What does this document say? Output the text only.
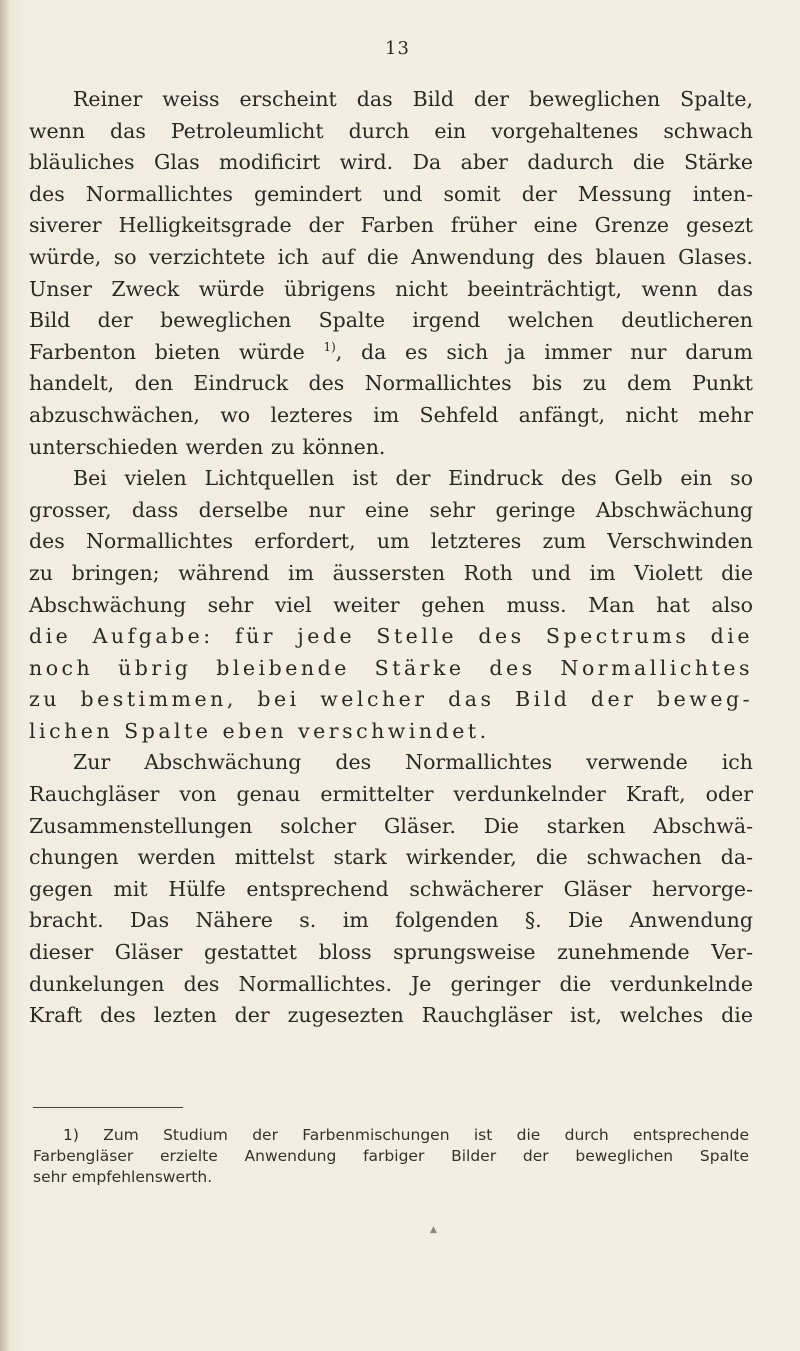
13
Reiner weiss erscheint das Bild der beweglichen Spalte,
wenn das Petroleumlicht durch ein vorgehaltenes schwach
bläuliches Glas modificirt wird. Da aber dadurch die Stärke
des Normallichtes gemindert und somit der Messung inten-
siverer Helligkeitsgrade der Farben früher eine Grenze gesezt
würde, so verzichtete ich auf die Anwendung des blauen Glases.
Unser Zweck würde übrigens nicht beeinträchtigt, wenn das
Bild der beweglichen Spalte irgend welchen deutlicheren
Farbenton bieten würde $^{1)}$, da es sich ja immer nur darum
handelt, den Eindruck des Normallichtes bis zu dem Punkt
abzuschwächen, wo lezteres im Sehfeld anfängt, nicht mehr
unterschieden werden zu können.
Bei vielen Lichtquellen ist der Eindruck des Gelb ein so
grosser, dass derselbe nur eine sehr geringe Abschwächung
des Normallichtes erfordert, um letzteres zum Verschwinden
zu bringen; während im äussersten Roth und im Violett die
Abschwächung sehr viel weiter gehen muss. Man hat also
die Aufgabe: für jede Stelle des Spectrums die
noch übrig bleibende Stärke des Normallichtes
zu bestimmen, bei welcher das Bild der beweg-
lichen Spalte eben verschwindet.
Zur Abschwächung des Normallichtes verwende ich
Rauchgläser von genau ermittelter verdunkelnder Kraft, oder
Zusammenstellungen solcher Gläser. Die starken Abschwä-
chungen werden mittelst stark wirkender, die schwachen da-
gegen mit Hülfe entsprechend schwächerer Gläser hervorge-
bracht. Das Nähere s. im folgenden §. Die Anwendung
dieser Gläser gestattet bloss sprungsweise zunehmende Ver-
dunkelungen des Normallichtes. Je geringer die verdunkelnde
Kraft des lezten der zugesezten Rauchgläser ist, welches die
1) Zum Studium der Farbenmischungen ist die durch entsprechende
Farbengläser erzielte Anwendung farbiger Bilder der beweglichen Spalte
sehr empfehlenswerth.
▲
